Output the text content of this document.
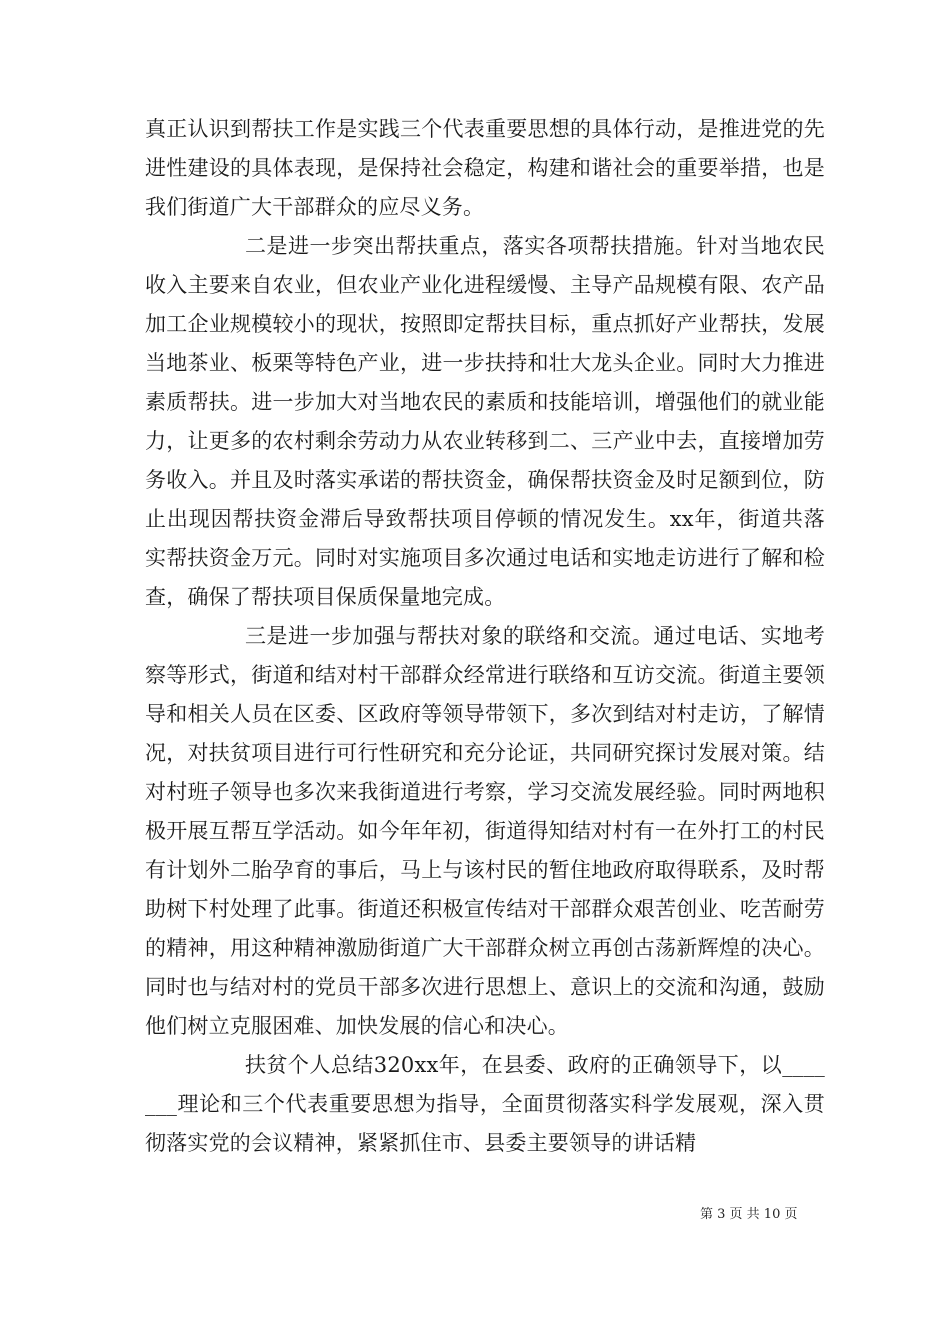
真正认识到帮扶工作是实践三个代表重要思想的具体行动，是推进党的先进性建设的具体表现，是保持社会稳定，构建和谐社会的重要举措，也是我们街道广大干部群众的应尽义务。

二是进一步突出帮扶重点，落实各项帮扶措施。针对当地农民收入主要来自农业，但农业产业化进程缓慢、主导产品规模有限、农产品加工企业规模较小的现状，按照即定帮扶目标，重点抓好产业帮扶，发展当地茶业、板栗等特色产业，进一步扶持和壮大龙头企业。同时大力推进素质帮扶。进一步加大对当地农民的素质和技能培训，增强他们的就业能力，让更多的农村剩余劳动力从农业转移到二、三产业中去，直接增加劳务收入。并且及时落实承诺的帮扶资金，确保帮扶资金及时足额到位，防止出现因帮扶资金滞后导致帮扶项目停顿的情况发生。xx年，街道共落实帮扶资金万元。同时对实施项目多次通过电话和实地走访进行了解和检查，确保了帮扶项目保质保量地完成。

三是进一步加强与帮扶对象的联络和交流。通过电话、实地考察等形式，街道和结对村干部群众经常进行联络和互访交流。街道主要领导和相关人员在区委、区政府等领导带领下，多次到结对村走访，了解情况，对扶贫项目进行可行性研究和充分论证，共同研究探讨发展对策。结对村班子领导也多次来我街道进行考察，学习交流发展经验。同时两地积极开展互帮互学活动。如今年年初，街道得知结对村有一在外打工的村民有计划外二胎孕育的事后，马上与该村民的暂住地政府取得联系，及时帮助树下村处理了此事。街道还积极宣传结对干部群众艰苦创业、吃苦耐劳的精神，用这种精神激励街道广大干部群众树立再创古荡新辉煌的决心。同时也与结对村的党员干部多次进行思想上、意识上的交流和沟通，鼓励他们树立克服困难、加快发展的信心和决心。

扶贫个人总结320xx年，在县委、政府的正确领导下，以_______理论和三个代表重要思想为指导，全面贯彻落实科学发展观，深入贯彻落实党的会议精神，紧紧抓住市、县委主要领导的讲话精

第 3 页 共 10 页
